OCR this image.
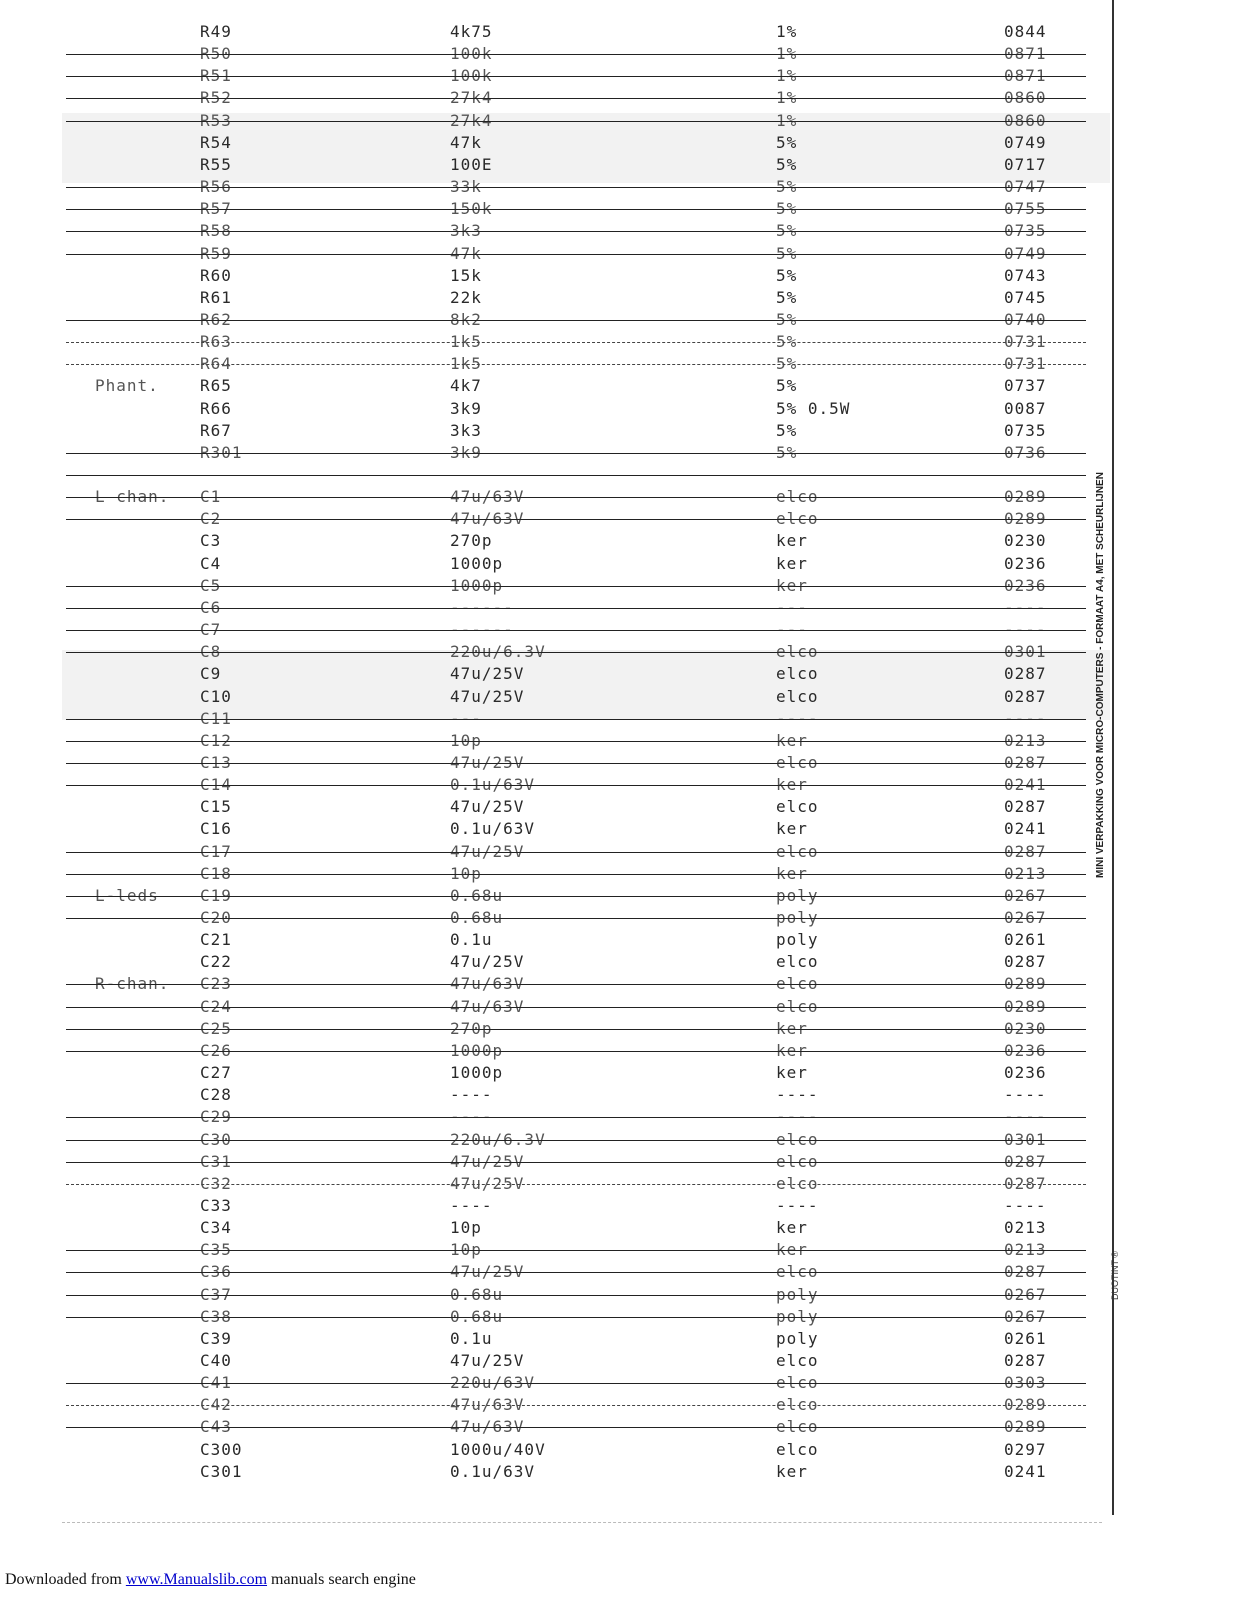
R49	4k75	1%	0844
R50	100k	1%	0871
R51	100k	1%	0871
R52	27k4	1%	0860
R53	27k4	1%	0860
R54	47k	5%	0749
R55	100E	5%	0717
R56	33k	5%	0747
R57	150k	5%	0755
R58	3k3	5%	0735
R59	47k	5%	0749
R60	15k	5%	0743
R61	22k	5%	0745
R62	8k2	5%	0740
R63	1k5	5%	0731
R64	1k5	5%	0731
Phant.	R65	4k7	5%	0737
R66	3k9	5% 0.5W	0087
R67	3k3	5%	0735
R301	3k9	5%	0736
L chan. C1	47u/63V	elco	0289
C2	47u/63V	elco	0289
C3	270p	ker	0230
C4	1000p	ker	0236
C5	1000p	ker	0236
C6	------	---	----
C7	------	---	----
C8	220u/6.3V	elco	0301
C9	47u/25V	elco	0287
C10	47u/25V	elco	0287
C11	---	----	----
C12	10p	ker	0213
C13	47u/25V	elco	0287
C14	0.1u/63V	ker	0241
C15	47u/25V	elco	0287
C16	0.1u/63V	ker	0241
C17	47u/25V	elco	0287
C18	10p	ker	0213
L-leds	C19	0.68u	poly	0267
C20	0.68u	poly	0267
C21	0.1u	poly	0261
C22	47u/25V	elco	0287
R-chan. C23	47u/63V	elco	0289
C24	47u/63V	elco	0289
C25	270p	ker	0230
C26	1000p	ker	0236
C27	1000p	ker	0236
C28	----	----	----
C29	----	----	----
C30	220u/6.3V	elco	0301
C31	47u/25V	elco	0287
C32	47u/25V	elco	0287
C33	----	----	----
C34	10p	ker	0213
C35	10p	ker	0213
C36	47u/25V	elco	0287
C37	0.68u	poly	0267
C38	0.68u	poly	0267
C39	0.1u	poly	0261
C40	47u/25V	elco	0287
C41	220u/63V	elco	0303
C42	47u/63V	elco	0289
C43	47u/63V	elco	0289
C300	1000u/40V	elco	0297
C301	0.1u/63V	ker	0241
MINI VERPAKKING VOOR MICRO-COMPUTERS - FORMAAT A4, MET SCHEURLIJNEN
DUOTINT ®
Downloaded from www.Manualslib.com manuals search engine
